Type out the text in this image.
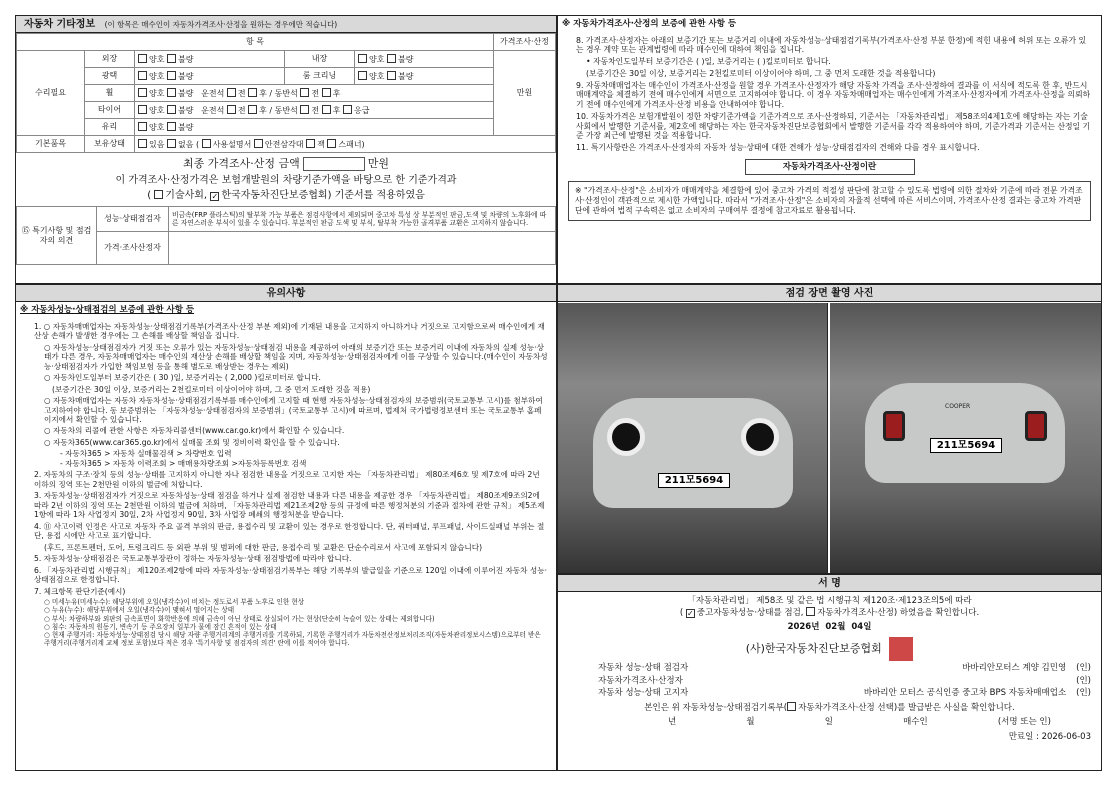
자동차 기타정보 (이 항목은 매수인이 자동차가격조사·산정을 원하는 경우에만 적습니다)
항 목					가격조사·산정
수리필요	외장	양호 불량	내장	양호 불량	만원
	광택	양호 불량	룸 크리닝	양호 불량	
	휠	양호 불량 운전석 전 후 / 동반석 전 후			
	타이어	양호 불량 운전석 전 후 / 동반석 전 후 응급			
	유리	양호 불량			
기본품목	보유상태	있음 없음 ( 사용설명서 안전삼각대 잭 스패너)			
최종 가격조사·산정 금액	만원
이 가격조사·산정가격은 보험개발원의 차량기준가액을 바탕으로 한 기준가격과
( 기술사회, ✓ 한국자동차진단보증협회) 기준서를 적용하였음
⑮ 특기사항 및 점검자의 의견	성능·상태점검자	비금속(FRP 플라스틱)의 탈부착 가능 부품은 점검사항에서 제외되며 중고차 특성 상 부분적인 판금,도색 및 차량의 노후화에 따른 자연스러운 부식이 있을 수 있습니다. 부분적인 판금 도색 및 부식, 탈부착 가능한 골격부품 교환은 고지하지 않습니다.
	가격·조사산정자	
※ 자동차가격조사·산정의 보증에 관한 사항 등

8. 가격조사·산정자는 아래의 보증기간 또는 보증거리 이내에 자동차성능·상태점검기록부(가격조사·산정 부분 한정)에 적힌 내용에 허위 또는 오류가 있는 경우 계약 또는 관계법령에 따라 매수인에 대하여 책임을 집니다.

• 자동차인도일부터 보증기간은 ( )일, 보증거리는 ( )킬로미터로 합니다.

(보증기간은 30일 이상, 보증거리는 2천킬로미터 이상이어야 하며, 그 중 먼저 도래한 것을 적용합니다)

9. 자동차매매업자는 매수인이 가격조사·산정을 원할 경우 가격조사·산정자가 해당 자동차 가격을 조사·산정하여 결과를 이 서식에 적도록 한 후, 반드시 매매계약을 체결하기 전에 매수인에게 서면으로 고지하여야 합니다. 이 경우 자동차매매업자는 매수인에게 가격조사·산정자에게 가격조사·산정을 의뢰하기 전에 매수인에게 가격조사·산정 비용을 안내하여야 합니다.

10. 자동차가격은 보험개발원이 정한 차량기준가액을 기준가격으로 조사·산정하되, 기준서는 「자동차관리법」 제58조의4제1호에 해당하는 자는 기술사회에서 발행한 기준서를, 제2호에 해당하는 자는 한국자동차진단보증협회에서 발행한 기준서를 각각 적용하여야 하며, 기준가격과 기준서는 산정일 기준 가장 최근에 발행된 것을 적용합니다.

11. 특기사항란은 가격조사·산정자의 자동차 성능·상태에 대한 견해가 성능·상태점검자의 견해와 다를 경우 표시합니다.

자동차가격조사·산정이란
※ "가격조사·산정"은 소비자가 매매계약을 체결함에 있어 중고차 가격의 적절성 판단에 참고할 수 있도록 법령에 의한 절차와 기준에 따라 전문 가격조사·산정인이 객관적으로 제시한 가액입니다. 따라서 "가격조사·산정"은 소비자의 자율적 선택에 따른 서비스이며, 가격조사·산정 결과는 중고차 가격판단에 관하여 법적 구속력은 없고 소비자의 구매여부 결정에 참고자료로 활용됩니다.
유의사항
※ 자동차성능·상태점검의 보증에 관한 사항 등

1. ○ 자동차매매업자는 자동차성능·상태점검기록부(가격조사·산정 부분 제외)에 기재된 내용을 고지하지 아니하거나 거짓으로 고지함으로써 매수인에게 재산상 손해가 발생한 경우에는 그 손해를 배상할 책임을 집니다.

○ 자동차성능·상태점검자가 거짓 또는 오류가 있는 자동차성능·상태점검 내용을 제공하여 아래의 보증기간 또는 보증거리 이내에 자동차의 실제 성능·상태가 다른 경우, 자동차매매업자는 매수인의 재산상 손해를 배상할 책임을 지며, 자동차성능·상태점검자에게 이를 구상할 수 있습니다.(매수인이 자동차성능·상태점검자가 가입한 책임보험 등을 통해 별도로 배상받는 경우는 제외)

○ 자동차인도일부터 보증기간은 ( 30 )일, 보증거리는 ( 2,000 )킬로미터로 합니다.

(보증기간은 30일 이상, 보증거리는 2천킬로미터 이상이어야 하며, 그 중 먼저 도래한 것을 적용)

○ 자동차매매업자는 자동차 자동차성능·상태점검기록부를 매수인에게 고지할 때 현행 자동차성능·상태점검자의 보증범위(국토교통부 고시)를 첨부하여 고지하여야 합니다. 동 보증범위는 「자동차성능·상태점검자의 보증범위」(국토교통부 고시)에 따르며, 법제처 국가법령정보센터 또는 국토교통부 홈페이지에서 확인할 수 있습니다.

○ 자동차의 리콜에 관한 사항은 자동차리콜센터(www.car.go.kr)에서 확인할 수 있습니다.

○ 자동차365(www.car365.go.kr)에서 실매물 조회 및 정비이력 확인을 할 수 있습니다.

- 자동차365 > 자동차 실매물검색 > 차량번호 입력

- 자동차365 > 자동차 이력조회 > 매매용차량조회 >자동차등록번호 검색

2. 자동차의 구조·장치 등의 성능·상태를 고지하지 아니한 자나 점검한 내용을 거짓으로 고지한 자는 「자동차관리법」 제80조제6호 및 제7호에 따라 2년 이하의 징역 또는 2천만원 이하의 벌금에 처합니다.

3. 자동차성능·상태점검자가 거짓으로 자동차성능·상태 점검을 하거나 실제 점검한 내용과 다른 내용을 제공한 경우 「자동차관리법」 제80조제9조의2에 따라 2년 이하의 징역 또는 2천만원 이하의 벌금에 처하며, 「자동차관리법 제21조제2항 등의 규정에 따른 행정처분의 기준과 절차에 관한 규칙」 제5조제1항에 따라 1차 사업정지 30일, 2차 사업정지 90일, 3차 사업장 폐쇄의 행정처분을 받습니다.

4. ⑪ 사고이력 인정은 사고로 자동차 주요 골격 부위의 판금, 용접수리 및 교환이 있는 경우로 한정합니다. 단, 쿼터패널, 루프패널, 사이드실패널 부위는 절단, 용접 시에만 사고로 표기합니다.

(후드, 프론트펜더, 도어, 트렁크리드 등 외판 부위 및 범퍼에 대한 판금, 용접수리 및 교환은 단순수리로서 사고에 포함되지 않습니다)

5. 자동차성능·상태점검은 국토교통부장관이 정하는 자동차성능·상태 점검방법에 따라야 합니다.

6. 「자동차관리법 시행규칙」 제120조제2항에 따라 자동차성능·상태점검기록부는 해당 기록부의 발급일을 기준으로 120일 이내에 이루어진 자동차 성능·상태점검으로 한정합니다.

7. 체크항목 판단기준(예시)

○ 미세누유(미세누수): 해당부위에 오일(냉각수)이 비치는 정도로서 부품 노후로 인한 현상

○ 누유(누수): 해당부위에서 오일(냉각수)이 맺혀서 떨어지는 상태

○ 부식: 차량하부와 외판의 금속표면이 화학반응에 의해 금속이 아닌 상태로 상실되어 가는 현상(단순히 녹슬어 있는 상태는 제외합니다)

○ 침수: 자동차의 원동기, 변속기 등 주요장치 일부가 물에 잠긴 흔적이 있는 상태

○ 현재 주행거리: 자동차성능·상태점검 당시 해당 자량 주행거리계의 주행거리를 기록하되, 기록한 주행거리가 자동차전산정보처리조직(자동차관리정보시스템)으로부터 받은 주행거리(주행거리계 교체 정보 포함)보다 적은 경우 '특기사항 및 점검자의 의견' 란에 이를 적어야 합니다.

점검 장면 촬영 사진
211모5694
COOPER
211모5694
서 명
「자동차관리법」 제58조 및 같은 법 시행규칙 제120조·제123조의5에 따라
( ✓중고자동차성능·상태를 점검, 자동차가격조사·산정) 하였음을 확인합니다.
2026년 02월 04일
(사)한국자동차진단보증협회
자동차 성능·상태 점검자	바바리안모터스 계양 김민영 (인)
자동차가격조사·산정자	(인)
자동차 성능·상태 고지자	바바리안 모터스 공식인증 중고차 BPS 자동차매매업소 (인)
본인은 위 자동차성능·상태점검기록부( 자동차가격조사·산정 선택)를 발급받은 사실을 확인합니다.
년	월	일	매수인	(서명 또는 인)
만료일 : 2026-06-03
